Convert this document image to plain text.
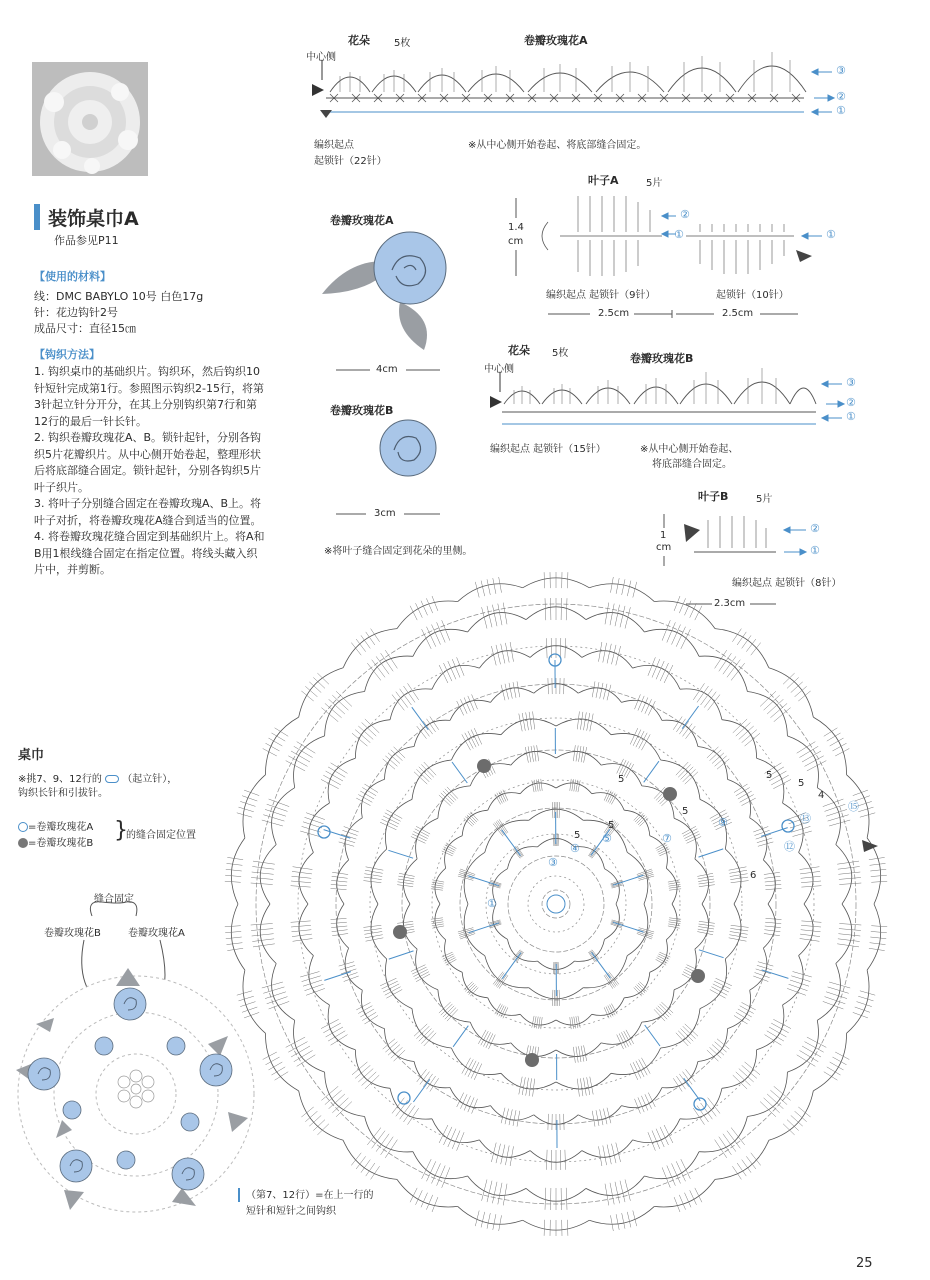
装饰桌巾A
作品参见P11
【使用的材料】
线：DMC BABYLO 10号 白色17g
针：花边钩针2号
成品尺寸：直径15㎝
【钩织方法】

1. 钩织桌巾的基础织片。钩织环，然后钩织10针短针完成第1行。参照图示钩织2-15行，将第3针起立针分开分，在其上分别钩织第7行和第12行的最后一针长针。

2. 钩织卷瓣玫瑰花A、B。锁针起针，分别各钩织5片花瓣织片。从中心侧开始卷起，整理形状后将底部缝合固定。锁针起针，分别各钩织5片叶子织片。

3. 将叶子分别缝合固定在卷瓣玫瑰A、B上。将叶子对折，将卷瓣玫瑰花A缝合到适当的位置。

4. 将卷瓣玫瑰花缝合固定到基础织片上。将A和B用1根线缝合固定在指定位置。将线头藏入织片中，并剪断。

花朵 5枚	卷瓣玫瑰花A
中心侧
③
②
①
编织起点
起锁针（22针）
※从中心侧开始卷起、将底部缝合固定。
叶子A	5片
1.4
cm
②
①	①
编织起点 起锁针（9针）	起锁针（10针）
2.5cm	2.5cm
卷瓣玫瑰花A
4cm
卷瓣玫瑰花B
3cm
※将叶子缝合固定到花朵的里侧。
花朵 5枚	卷瓣玫瑰花B
中心侧
③
②
①
编织起点 起锁针（15针）	※从中心侧开始卷起、
将底部缝合固定。
叶子B	5片
1
cm
②
①
编织起点 起锁针（8针）
2.3cm
桌巾
※挑7、9、12行的 （起立针），
钩织长针和引拔针。
=卷瓣玫瑰花A
=卷瓣玫瑰花B
}
的缝合固定位置
缝合固定
卷瓣玫瑰花B	卷瓣玫瑰花A
（第7、12行）=在上一行的
短针和短针之间钩织
①
③
④
⑤	⑦
⑨
⑫
⑬
⑮
5
5
5
6
4
5
5
5
25
